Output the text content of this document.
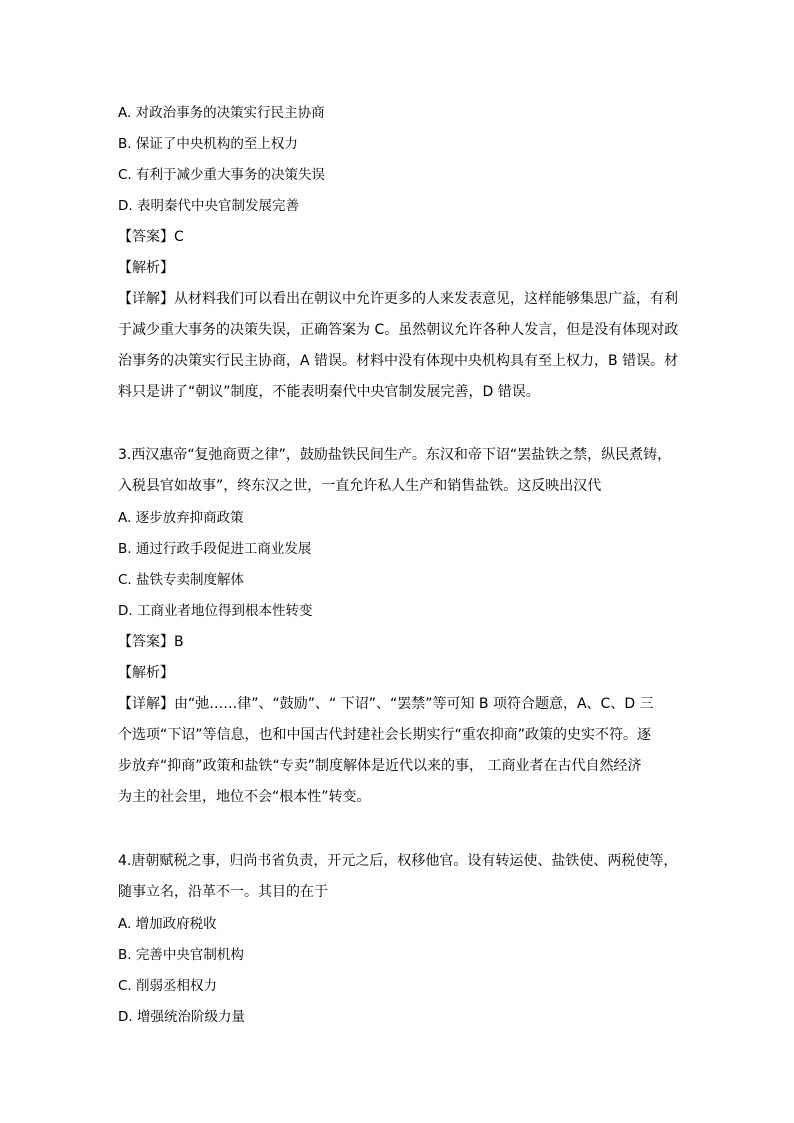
A. 对政治事务的决策实行民主协商
B. 保证了中央机构的至上权力
C. 有利于减少重大事务的决策失误
D. 表明秦代中央官制发展完善
【答案】C
【解析】
【详解】从材料我们可以看出在朝议中允许更多的人来发表意见，这样能够集思广益，有利
于减少重大事务的决策失误，正确答案为 C。虽然朝议允许各种人发言，但是没有体现对政
治事务的决策实行民主协商，A 错误。材料中没有体现中央机构具有至上权力，B 错误。材
料只是讲了“朝议”制度，不能表明秦代中央官制发展完善，D 错误。
3.西汉惠帝“复弛商贾之律”，鼓励盐铁民间生产。东汉和帝下诏“罢盐铁之禁，纵民煮铸，
入税县官如故事”，终东汉之世，一直允许私人生产和销售盐铁。这反映出汉代
A. 逐步放弃抑商政策
B. 通过行政手段促进工商业发展
C. 盐铁专卖制度解体
D. 工商业者地位得到根本性转变
【答案】B
【解析】
【详解】由“弛……律”、“鼓励”、“ 下诏”、“罢禁”等可知 B 项符合题意，A、C、D 三
个选项“下诏”等信息，也和中国古代封建社会长期实行“重农抑商”政策的史实不符。逐
步放弃“抑商”政策和盐铁“专卖”制度解体是近代以来的事， 工商业者在古代自然经济
为主的社会里，地位不会“根本性”转变。
4.唐朝赋税之事，归尚书省负责，开元之后，权移他官。设有转运使、盐铁使、两税使等，
随事立名，沿革不一。其目的在于
A. 增加政府税收
B. 完善中央官制机构
C. 削弱丞相权力
D. 增强统治阶级力量
